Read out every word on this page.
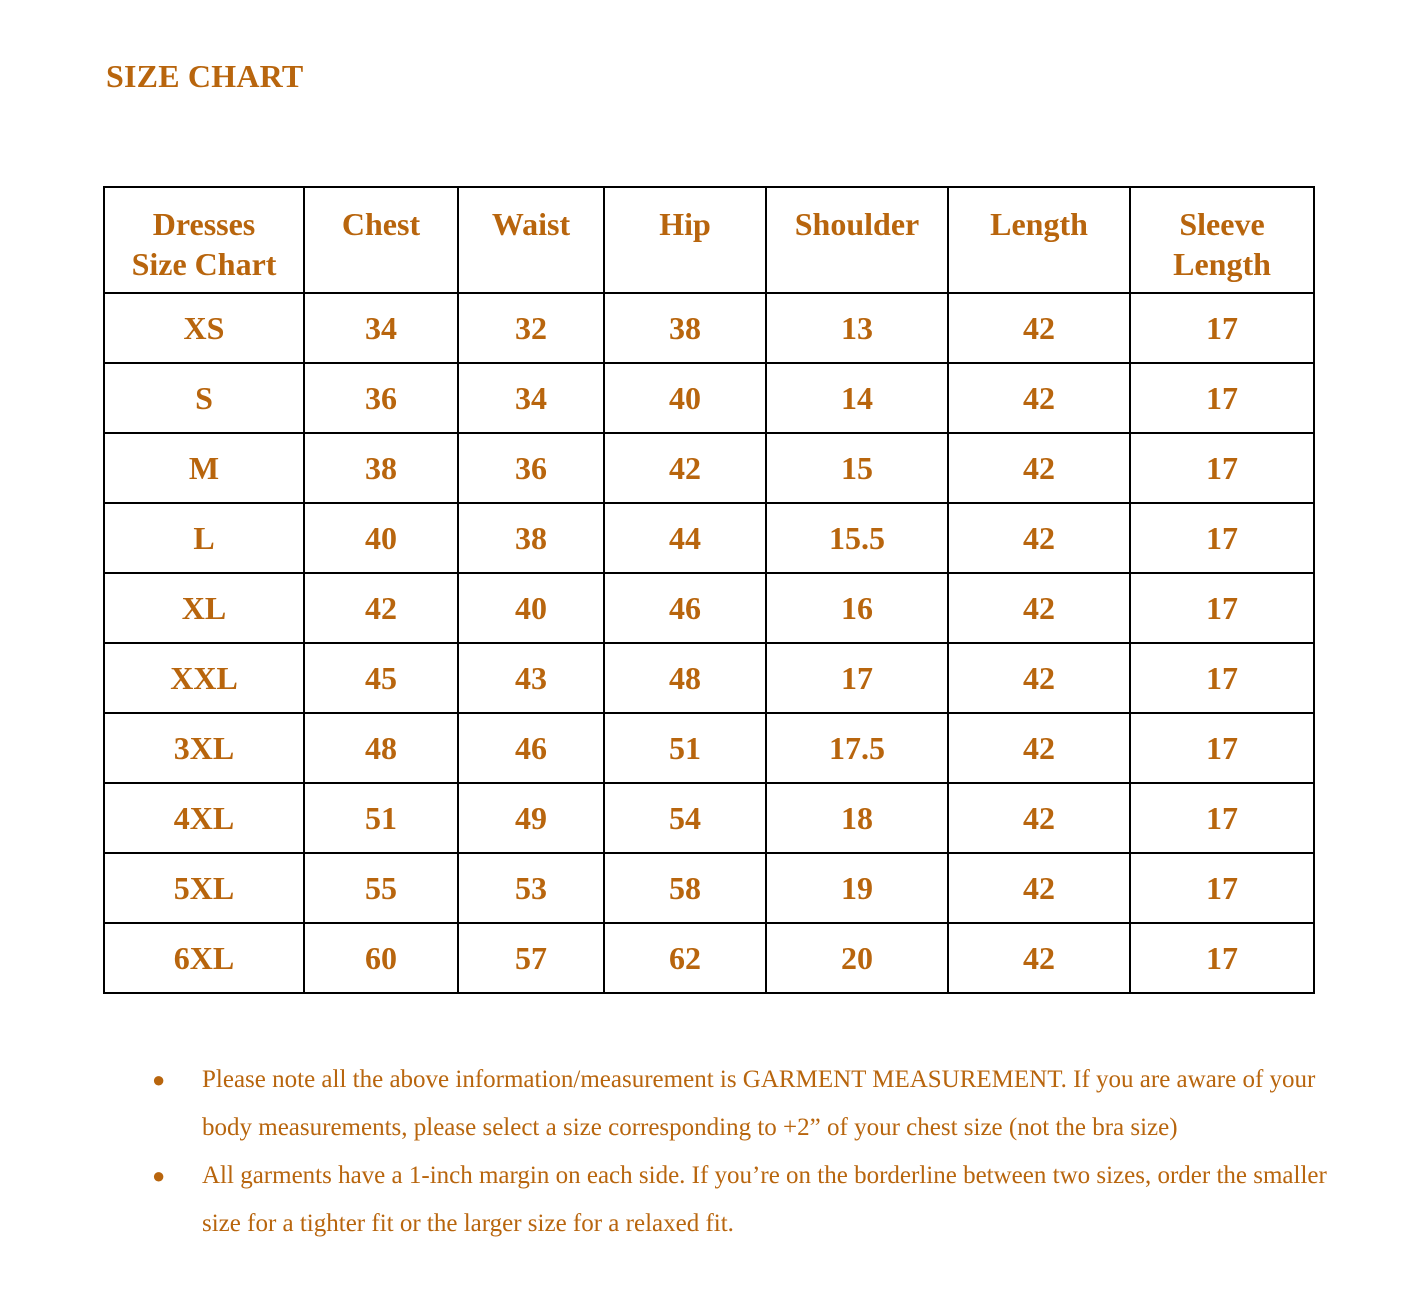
SIZE CHART
Dresses Size Chart	Chest	Waist	Hip	Shoulder	Length	Sleeve Length
XS	34	32	38	13	42	17
S	36	34	40	14	42	17
M	38	36	42	15	42	17
L	40	38	44	15.5	42	17
XL	42	40	46	16	42	17
XXL	45	43	48	17	42	17
3XL	48	46	51	17.5	42	17
4XL	51	49	54	18	42	17
5XL	55	53	58	19	42	17
6XL	60	57	62	20	42	17
● Please note all the above information/measurement is GARMENT MEASUREMENT. If you are aware of your body measurements, please select a size corresponding to +2” of your chest size (not the bra size)
● All garments have a 1-inch margin on each side. If you’re on the borderline between two sizes, order the smaller size for a tighter fit or the larger size for a relaxed fit.
